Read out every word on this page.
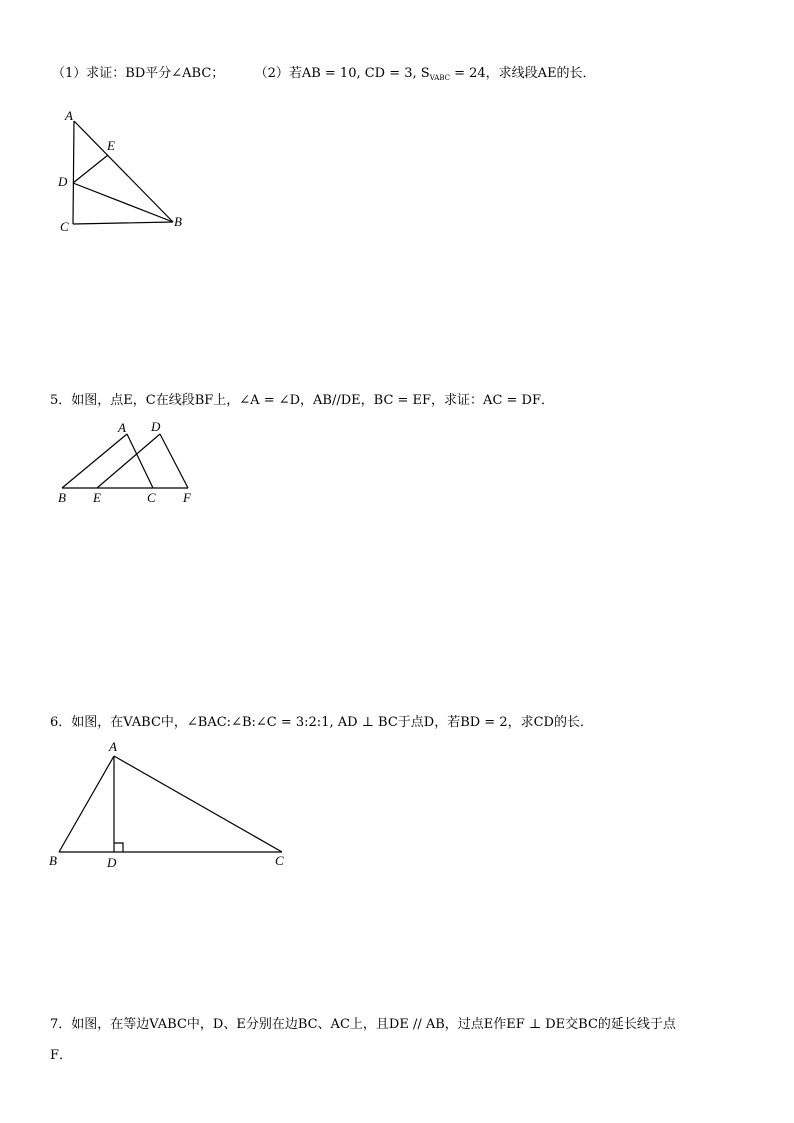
（1）求证：BD平分∠ABC； （2）若AB = 10, CD = 3, $S_{VABC} = 24$，求线段AE的长．
A
E
D
C	B
5．如图，点E，C在线段BF上，∠A = ∠D，AB//DE，BC = EF，求证：AC = DF．
A D
B E	C F
6．如图，在VABC中，∠BAC:∠B:∠C = 3:2:1, AD ⊥ BC于点D，若BD = 2，求CD的长．
A
B	D	C
7．如图，在等边VABC中，D、E分别在边BC、AC上，且DE // AB，过点E作EF ⊥ DE交BC的延长线于点
F．
